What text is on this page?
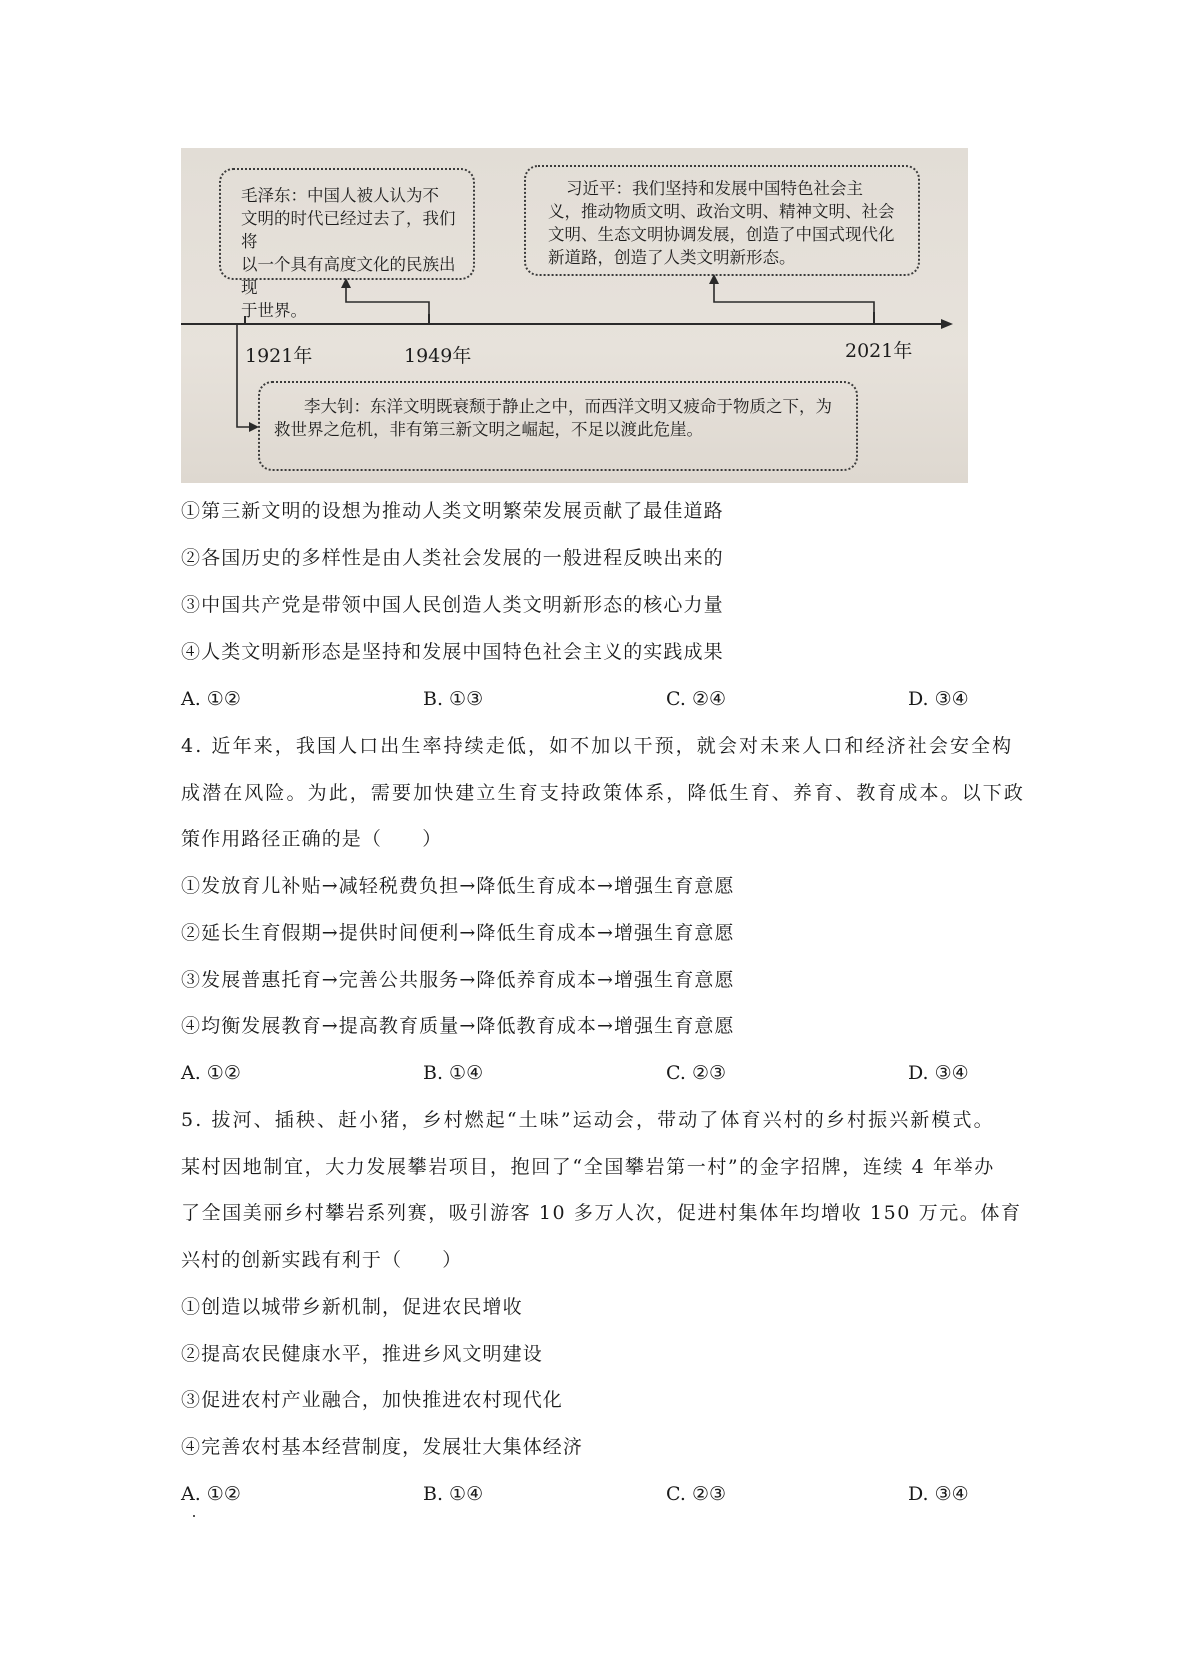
毛泽东：中国人被人认为不
文明的时代已经过去了，我们将
以一个具有高度文化的民族出现
于世界。
习近平：我们坚持和发展中国特色社会主
义，推动物质文明、政治文明、精神文明、社会
文明、生态文明协调发展，创造了中国式现代化
新道路，创造了人类文明新形态。
李大钊：东洋文明既衰颓于静止之中，而西洋文明又疲命于物质之下，为救世界之危机，非有第三新文明之崛起，不足以渡此危崖。
1921年	1949年	2021年
①第三新文明的设想为推动人类文明繁荣发展贡献了最佳道路
②各国历史的多样性是由人类社会发展的一般进程反映出来的
③中国共产党是带领中国人民创造人类文明新形态的核心力量
④人类文明新形态是坚持和发展中国特色社会主义的实践成果
A. ①②	B. ①③	C. ②④	D. ③④
4. 近年来，我国人口出生率持续走低，如不加以干预，就会对未来人口和经济社会安全构
成潜在风险。为此，需要加快建立生育支持政策体系，降低生育、养育、教育成本。以下政
策作用路径正确的是（　　）
①发放育儿补贴→减轻税费负担→降低生育成本→增强生育意愿
②延长生育假期→提供时间便利→降低生育成本→增强生育意愿
③发展普惠托育→完善公共服务→降低养育成本→增强生育意愿
④均衡发展教育→提高教育质量→降低教育成本→增强生育意愿
A. ①②	B. ①④	C. ②③	D. ③④
5. 拔河、插秧、赶小猪，乡村燃起“土味”运动会，带动了体育兴村的乡村振兴新模式。
某村因地制宜，大力发展攀岩项目，抱回了“全国攀岩第一村”的金字招牌，连续 4 年举办
了全国美丽乡村攀岩系列赛，吸引游客 10 多万人次，促进村集体年均增收 150 万元。体育
兴村的创新实践有利于（　　）
①创造以城带乡新机制，促进农民增收
②提高农民健康水平，推进乡风文明建设
③促进农村产业融合，加快推进农村现代化
④完善农村基本经营制度，发展壮大集体经济
A. ①②	B. ①④	C. ②③	D. ③④
